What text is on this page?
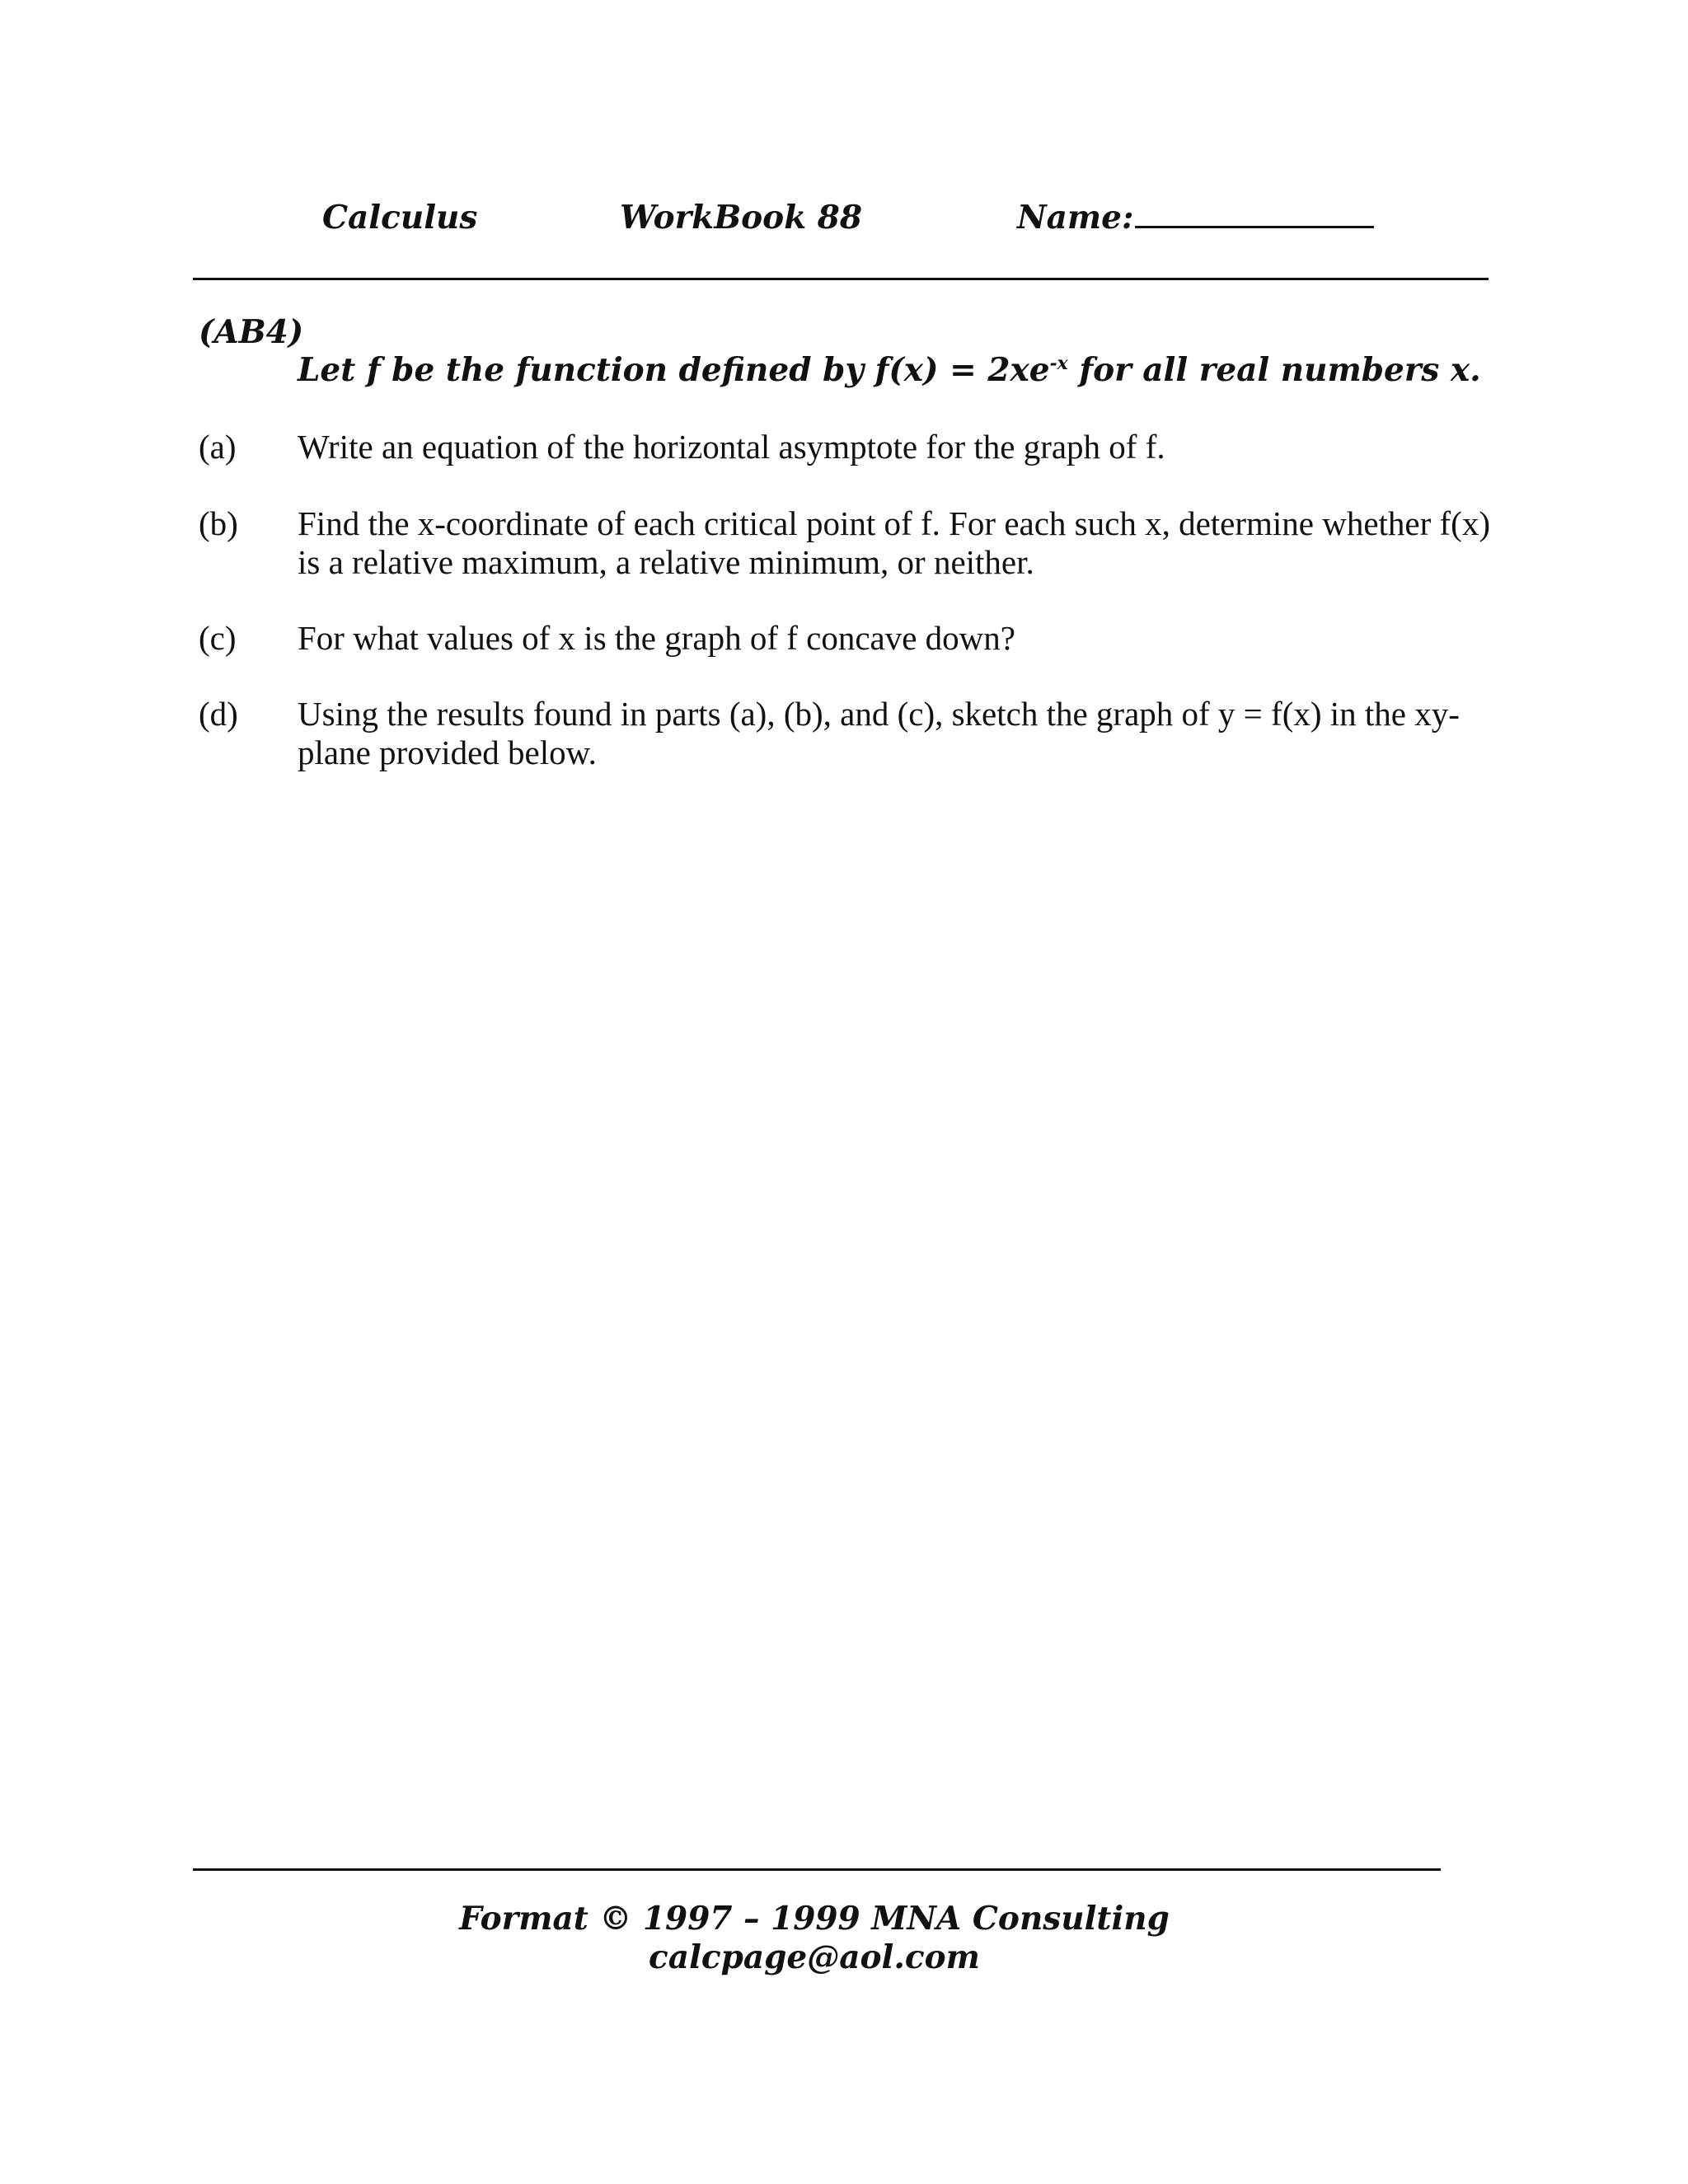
Calculus	WorkBook 88	Name:
(AB4)
Let f be the function defined by $f(x) = 2xe^{-x}$ for all real numbers x.
(a) Write an equation of the horizontal asymptote for the graph of f.
(b) Find the x-coordinate of each critical point of f. For each such x, determine whether f(x) is a relative maximum, a relative minimum, or neither.
(c) For what values of x is the graph of f concave down?
(d) Using the results found in parts (a), (b), and (c), sketch the graph of y = f(x) in the xy-plane provided below.
Format © 1997 – 1999 MNA Consulting
calcpage@aol.com
